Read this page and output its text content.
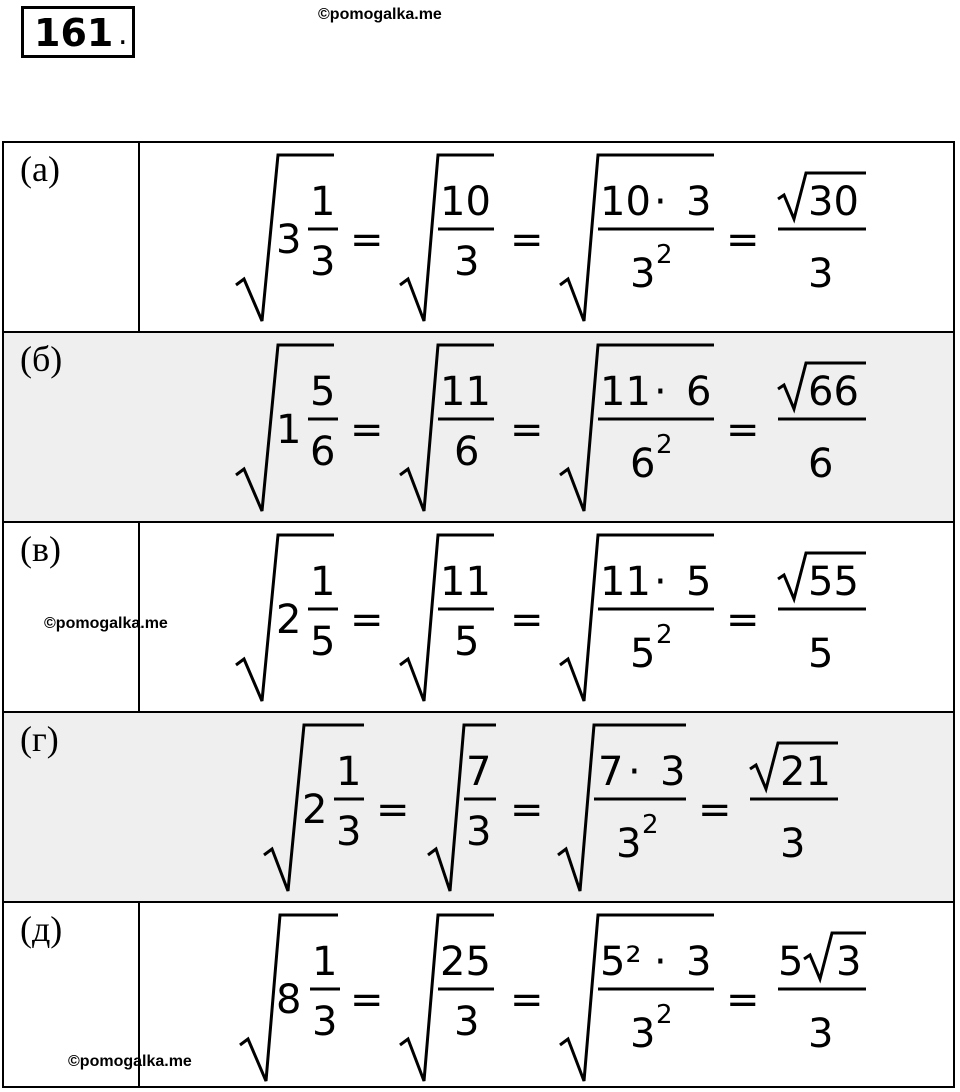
161 .
©pomogalka.me
(а)
3
1
3 =
10
3 =
10 · 3
3 2 =
30
3
(б)
1
5
6 =
11
6 =
11 · 6
6 2 =
66
6
(в)
2
1
5 =
11
5 =
11 · 5
5 2 =
55
5
©pomogalka.me
(г)
2
1
3 =
7
3 =
7 · 3
3 2 =
21
3
(д)
8
1
3 =
25
3 =
5² · 3
3 2 =
5 3
3
©pomogalka.me
